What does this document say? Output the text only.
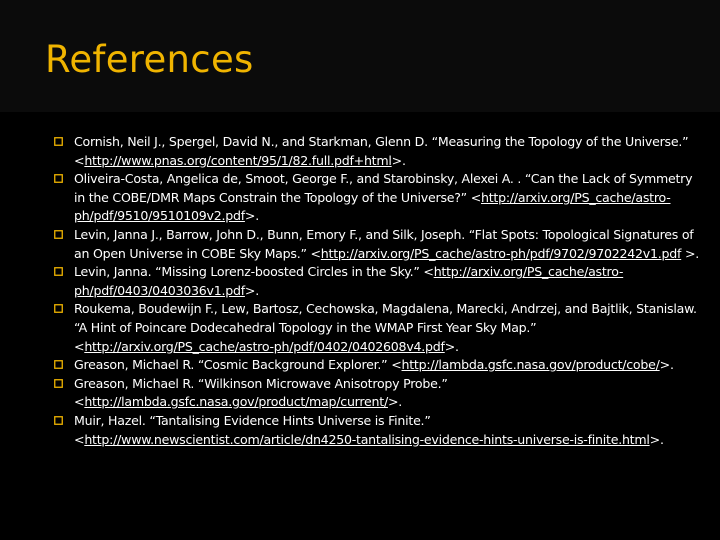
References
Cornish, Neil J., Spergel, David N., and Starkman, Glenn D. “Measuring the Topology of the Universe.” <http://www.pnas.org/content/95/1/82.full.pdf+html>.
Oliveira-Costa, Angelica de, Smoot, George F., and Starobinsky, Alexei A. . “Can the Lack of Symmetry in the COBE/DMR Maps Constrain the Topology of the Universe?” <http://arxiv.org/PS_cache/astro-ph/pdf/9510/9510109v2.pdf>.
Levin, Janna J., Barrow, John D., Bunn, Emory F., and Silk, Joseph. “Flat Spots: Topological Signatures of an Open Universe in COBE Sky Maps.” <http://arxiv.org/PS_cache/astro-ph/pdf/9702/9702242v1.pdf >.
Levin, Janna. “Missing Lorenz-boosted Circles in the Sky.” <http://arxiv.org/PS_cache/astro-ph/pdf/0403/0403036v1.pdf>.
Roukema, Boudewijn F., Lew, Bartosz, Cechowska, Magdalena, Marecki, Andrzej, and Bajtlik, Stanislaw. “A Hint of Poincare Dodecahedral Topology in the WMAP First Year Sky Map.” <http://arxiv.org/PS_cache/astro-ph/pdf/0402/0402608v4.pdf>.
Greason, Michael R. “Cosmic Background Explorer.” <http://lambda.gsfc.nasa.gov/product/cobe/>.
Greason, Michael R. “Wilkinson Microwave Anisotropy Probe.” <http://lambda.gsfc.nasa.gov/product/map/current/>.
Muir, Hazel. “Tantalising Evidence Hints Universe is Finite.” <http://www.newscientist.com/article/dn4250-tantalising-evidence-hints-universe-is-finite.html>.
